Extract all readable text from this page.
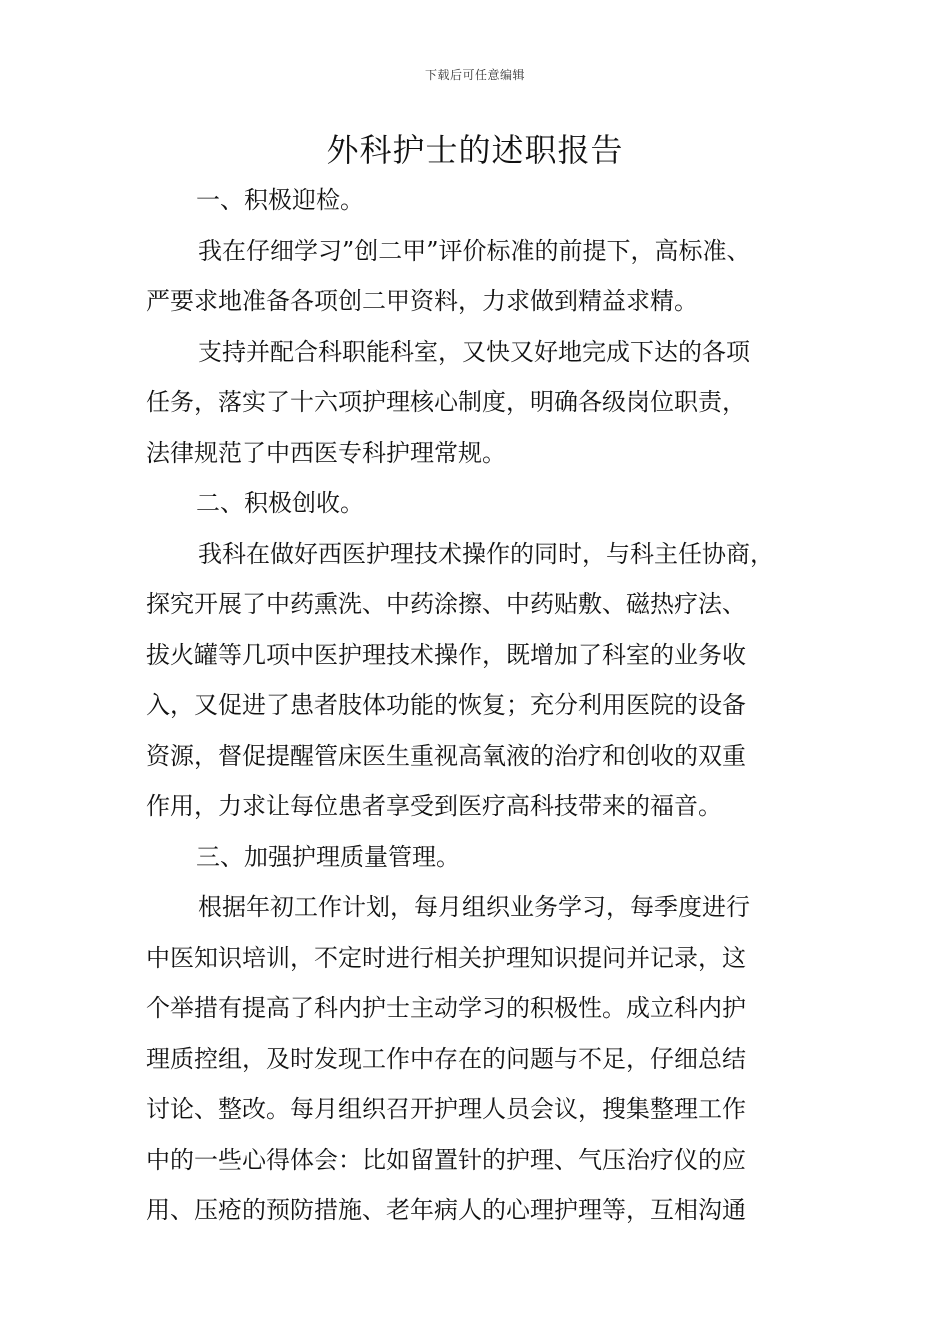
下载后可任意编辑
外科护士的述职报告
一、积极迎检。
我在仔细学习”创二甲”评价标准的前提下，高标准、
严要求地准备各项创二甲资料，力求做到精益求精。
支持并配合科职能科室，又快又好地完成下达的各项
任务，落实了十六项护理核心制度，明确各级岗位职责，
法律规范了中西医专科护理常规。
二、积极创收。
我科在做好西医护理技术操作的同时，与科主任协商，
探究开展了中药熏洗、中药涂擦、中药贴敷、磁热疗法、
拔火罐等几项中医护理技术操作，既增加了科室的业务收
入，又促进了患者肢体功能的恢复；充分利用医院的设备
资源，督促提醒管床医生重视高氧液的治疗和创收的双重
作用，力求让每位患者享受到医疗高科技带来的福音。
三、加强护理质量管理。
根据年初工作计划，每月组织业务学习，每季度进行
中医知识培训，不定时进行相关护理知识提问并记录，这
个举措有提高了科内护士主动学习的积极性。成立科内护
理质控组，及时发现工作中存在的问题与不足，仔细总结
讨论、整改。每月组织召开护理人员会议，搜集整理工作
中的一些心得体会：比如留置针的护理、气压治疗仪的应
用、压疮的预防措施、老年病人的心理护理等，互相沟通
